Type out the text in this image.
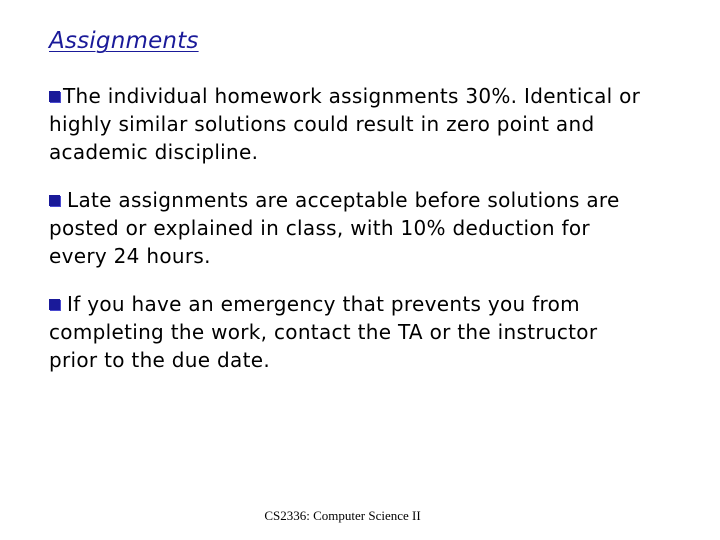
Assignments
The individual homework assignments 30%. Identical or highly similar solutions could result in zero point and academic discipline.
Late assignments are acceptable before solutions are posted or explained in class, with 10% deduction for every 24 hours.
If you have an emergency that prevents you from completing the work, contact the TA or the instructor prior to the due date.
CS2336: Computer Science II
